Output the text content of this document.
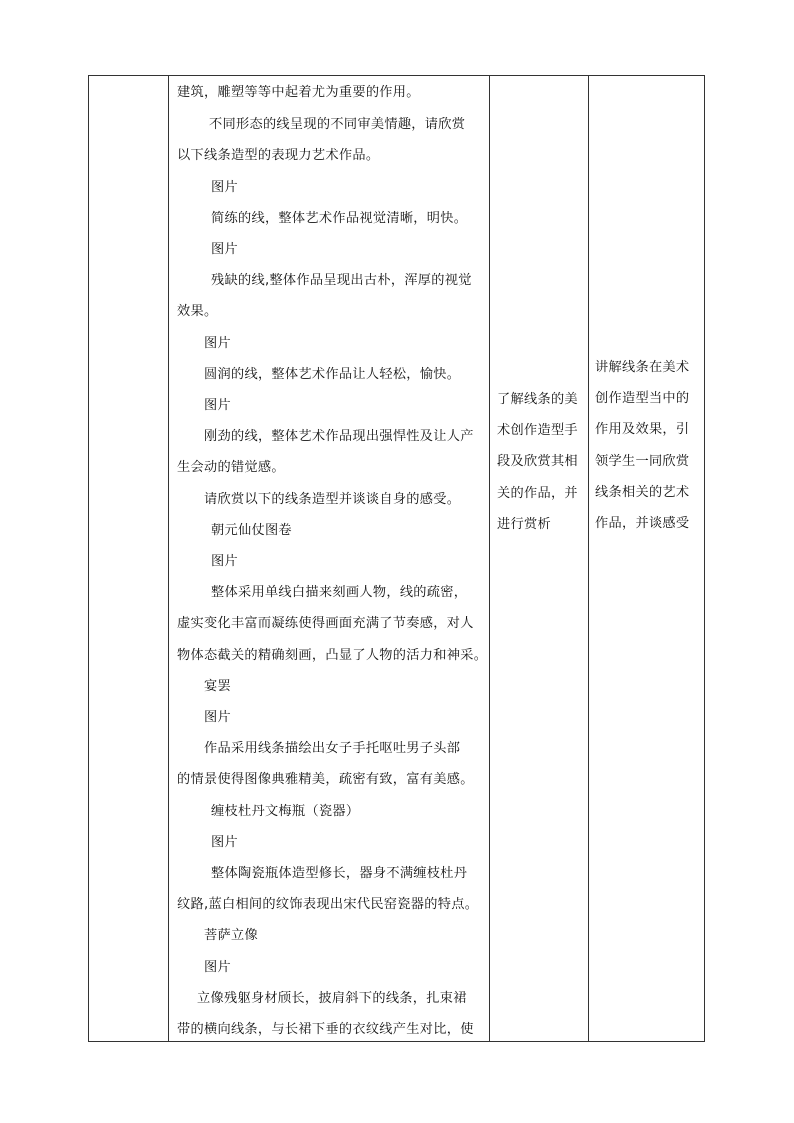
建筑，雕塑等等中起着尤为重要的作用。
不同形态的线呈现的不同审美情趣，请欣赏
以下线条造型的表现力艺术作品。
图片
简练的线，整体艺术作品视觉清晰，明快。
图片
残缺的线,整体作品呈现出古朴，浑厚的视觉
效果。
图片
圆润的线，整体艺术作品让人轻松，愉快。
图片
刚劲的线，整体艺术作品现出强悍性及让人产
生会动的错觉感。
请欣赏以下的线条造型并谈谈自身的感受。
朝元仙仗图卷
图片
整体采用单线白描来刻画人物，线的疏密，
虚实变化丰富而凝练使得画面充满了节奏感，对人
物体态截关的精确刻画，凸显了人物的活力和神采。
宴罢
图片
作品采用线条描绘出女子手托呕吐男子头部
的情景使得图像典雅精美，疏密有致，富有美感。
缠枝杜丹文梅瓶（瓷器）
图片
整体陶瓷瓶体造型修长，器身不满缠枝杜丹
纹路,蓝白相间的纹饰表现出宋代民窑瓷器的特点。
菩萨立像
图片
立像残躯身材颀长，披肩斜下的线条，扎束裙
带的横向线条，与长裙下垂的衣纹线产生对比，使
了解线条的美
术创作造型手
段及欣赏其相
关的作品，并
进行赏析
讲解线条在美术
创作造型当中的
作用及效果，引
领学生一同欣赏
线条相关的艺术
作品，并谈感受
